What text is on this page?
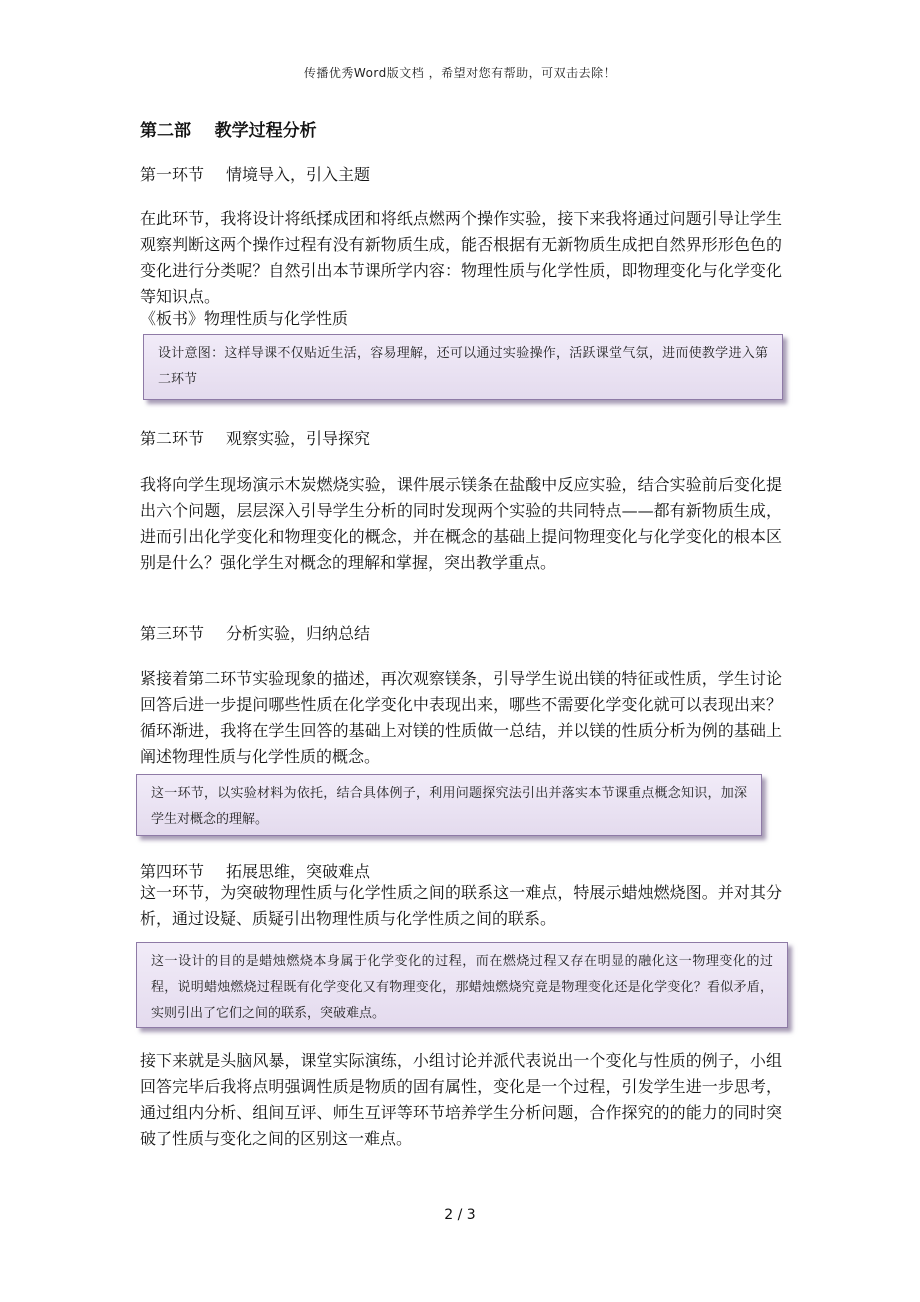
传播优秀Word版文档 ，希望对您有帮助，可双击去除！
第二部    教学过程分析
第一环节 情境导入，引入主题
在此环节，我将设计将纸揉成团和将纸点燃两个操作实验，接下来我将通过问题引导让学生观察判断这两个操作过程有没有新物质生成，能否根据有无新物质生成把自然界形形色色的变化进行分类呢？自然引出本节课所学内容：物理性质与化学性质，即物理变化与化学变化等知识点。
《板书》物理性质与化学性质
设计意图：这样导课不仅贴近生活，容易理解，还可以通过实验操作，活跃课堂气氛，进而使教学进入第二环节
第二环节 观察实验，引导探究
我将向学生现场演示木炭燃烧实验，课件展示镁条在盐酸中反应实验，结合实验前后变化提出六个问题，层层深入引导学生分析的同时发现两个实验的共同特点——都有新物质生成，进而引出化学变化和物理变化的概念，并在概念的基础上提问物理变化与化学变化的根本区别是什么？强化学生对概念的理解和掌握，突出教学重点。
第三环节 分析实验，归纳总结
紧接着第二环节实验现象的描述，再次观察镁条，引导学生说出镁的特征或性质，学生讨论回答后进一步提问哪些性质在化学变化中表现出来，哪些不需要化学变化就可以表现出来？循环渐进，我将在学生回答的基础上对镁的性质做一总结，并以镁的性质分析为例的基础上阐述物理性质与化学性质的概念。
这一环节，以实验材料为依托，结合具体例子，利用问题探究法引出并落实本节课重点概念知识，加深学生对概念的理解。
第四环节 拓展思维，突破难点
这一环节，为突破物理性质与化学性质之间的联系这一难点，特展示蜡烛燃烧图。并对其分析，通过设疑、质疑引出物理性质与化学性质之间的联系。
这一设计的目的是蜡烛燃烧本身属于化学变化的过程，而在燃烧过程又存在明显的融化这一物理变化的过程，说明蜡烛燃烧过程既有化学变化又有物理变化，那蜡烛燃烧究竟是物理变化还是化学变化？看似矛盾，实则引出了它们之间的联系，突破难点。
接下来就是头脑风暴，课堂实际演练，小组讨论并派代表说出一个变化与性质的例子，小组回答完毕后我将点明强调性质是物质的固有属性，变化是一个过程，引发学生进一步思考，通过组内分析、组间互评、师生互评等环节培养学生分析问题，合作探究的的能力的同时突破了性质与变化之间的区别这一难点。
2 / 3
